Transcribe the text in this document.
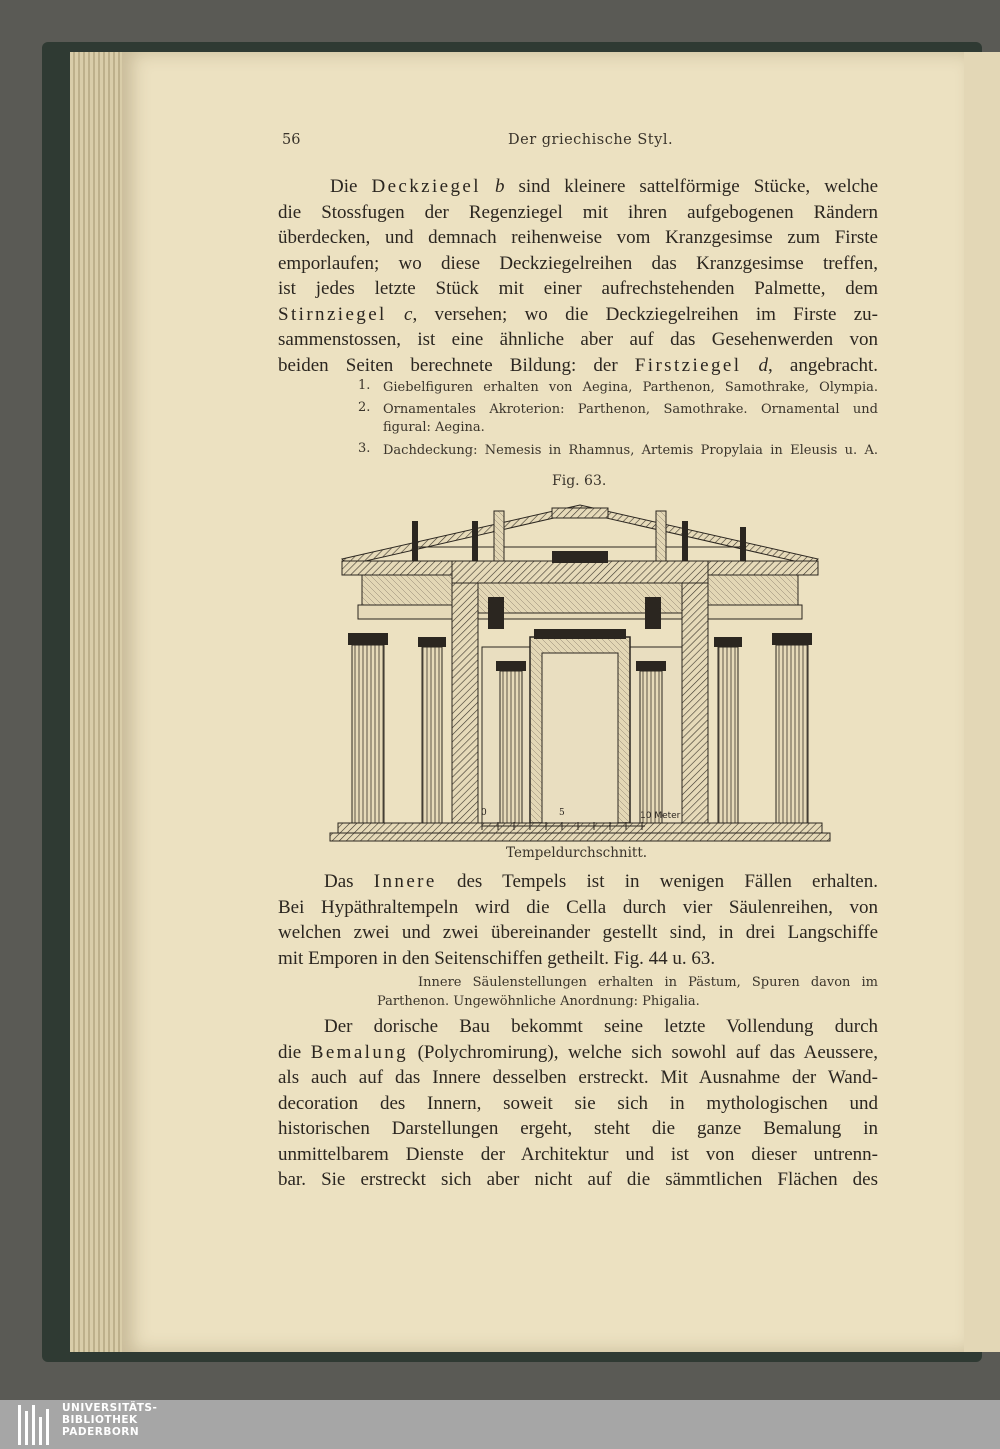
56	Der griechische Styl.
Die Deckziegel b sind kleinere sattelförmige Stücke, welche
die Stossfugen der Regenziegel mit ihren aufgebogenen Rändern
überdecken, und demnach reihenweise vom Kranzgesimse zum Firste
emporlaufen; wo diese Deckziegelreihen das Kranzgesimse treffen,
ist jedes letzte Stück mit einer aufrechstehenden Palmette, dem
Stirnziegel c, versehen; wo die Deckziegelreihen im Firste zu-
sammenstossen, ist eine ähnliche aber auf das Gesehenwerden von
beiden Seiten berechnete Bildung: der Firstziegel d, angebracht.
1. Giebelfiguren erhalten von Aegina, Parthenon, Samothrake, Olympia.
2. Ornamentales Akroterion: Parthenon, Samothrake. Ornamental und
figural: Aegina.
3. Dachdeckung: Nemesis in Rhamnus, Artemis Propylaia in Eleusis u. A.
Fig. 63.
0	5	10 Meter
Tempeldurchschnitt.
Das Innere des Tempels ist in wenigen Fällen erhalten.
Bei Hypäthraltempeln wird die Cella durch vier Säulenreihen, von
welchen zwei und zwei übereinander gestellt sind, in drei Langschiffe
mit Emporen in den Seitenschiffen getheilt. Fig. 44 u. 63.
Innere Säulenstellungen erhalten in Pästum, Spuren davon im
Parthenon. Ungewöhnliche Anordnung: Phigalia.
Der dorische Bau bekommt seine letzte Vollendung durch
die Bemalung (Polychromirung), welche sich sowohl auf das Aeussere,
als auch auf das Innere desselben erstreckt. Mit Ausnahme der Wand-
decoration des Innern, soweit sie sich in mythologischen und
historischen Darstellungen ergeht, steht die ganze Bemalung in
unmittelbarem Dienste der Architektur und ist von dieser untrenn-
bar. Sie erstreckt sich aber nicht auf die sämmtlichen Flächen des
UNIVERSITÄTS-
BIBLIOTHEK
PADERBORN
